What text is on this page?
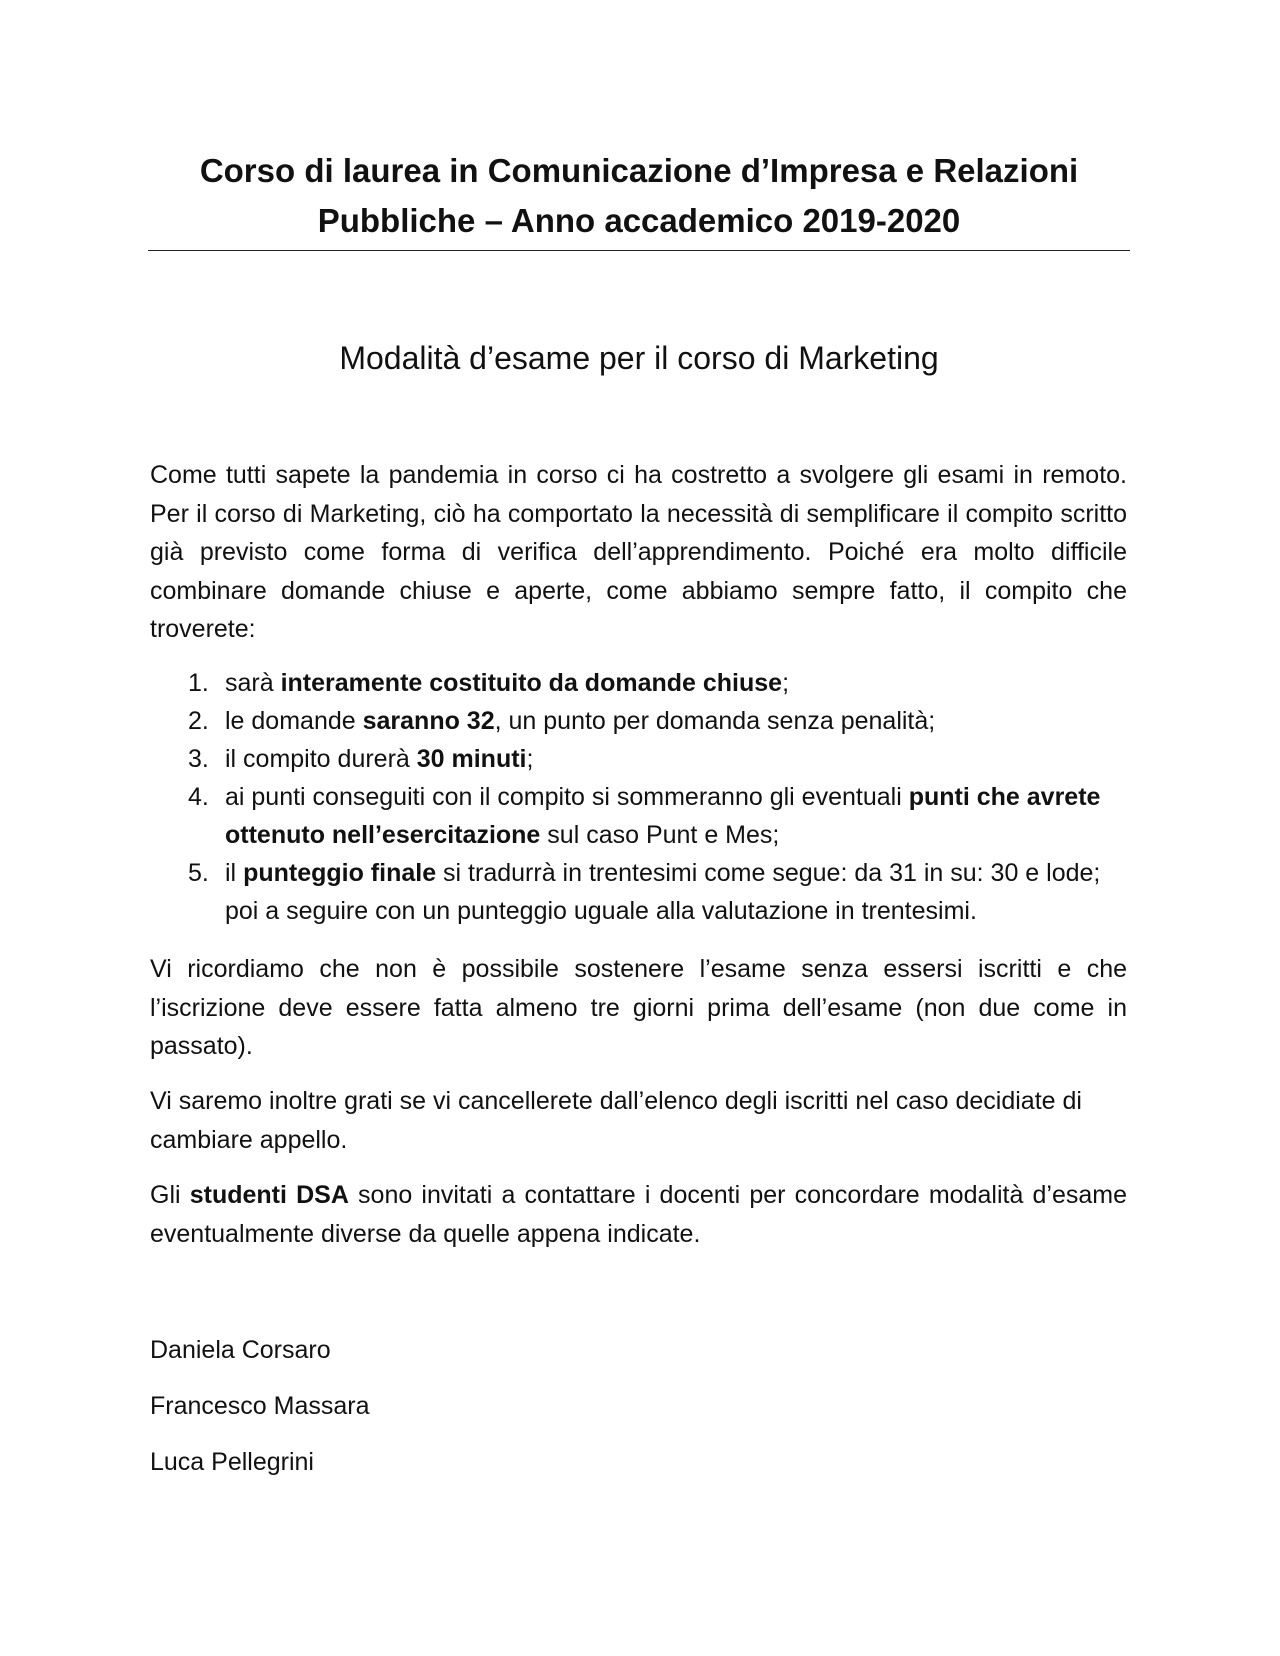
Corso di laurea in Comunicazione d’Impresa e Relazioni
Pubbliche – Anno accademico 2019-2020
Modalità d’esame per il corso di Marketing

Come tutti sapete la pandemia in corso ci ha costretto a svolgere gli esami in remoto. Per il corso di Marketing, ciò ha comportato la necessità di semplificare il compito scritto già previsto come forma di verifica dell’apprendimento. Poiché era molto difficile combinare domande chiuse e aperte, come abbiamo sempre fatto, il compito che troverete:

1. sarà interamente costituito da domande chiuse;
2. le domande saranno 32, un punto per domanda senza penalità;
3. il compito durerà 30 minuti;
4. ai punti conseguiti con il compito si sommeranno gli eventuali punti che avrete ottenuto nell’esercitazione sul caso Punt e Mes;
5. il punteggio finale si tradurrà in trentesimi come segue: da 31 in su: 30 e lode; poi a seguire con un punteggio uguale alla valutazione in trentesimi.

Vi ricordiamo che non è possibile sostenere l’esame senza essersi iscritti e che l’iscrizione deve essere fatta almeno tre giorni prima dell’esame (non due come in passato).

Vi saremo inoltre grati se vi cancellerete dall’elenco degli iscritti nel caso decidiate di cambiare appello.

Gli studenti DSA sono invitati a contattare i docenti per concordare modalità d’esame eventualmente diverse da quelle appena indicate.

Daniela Corsaro
Francesco Massara
Luca Pellegrini
